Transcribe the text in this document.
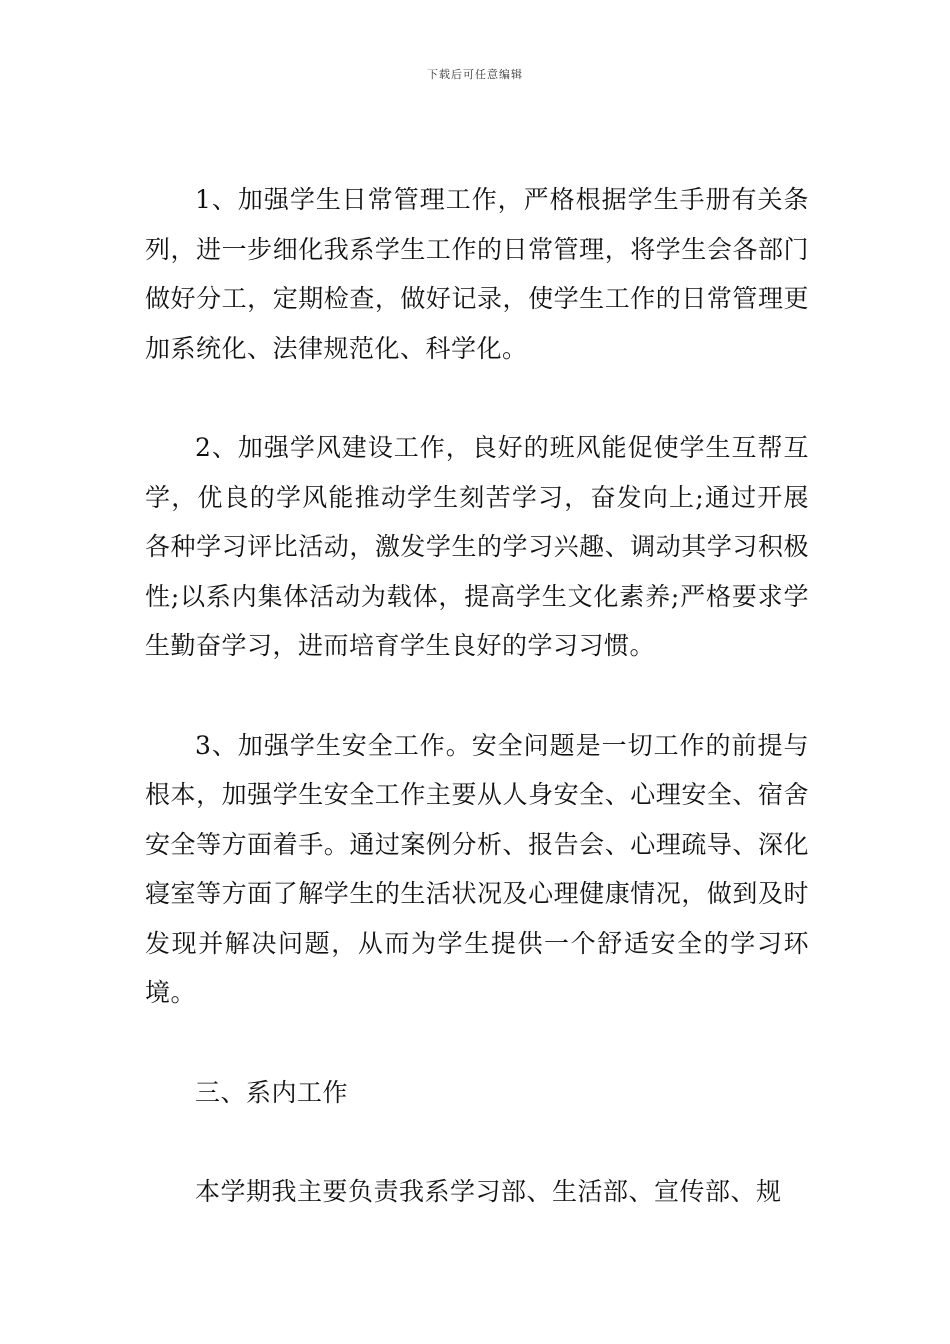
下载后可任意编辑

1、加强学生日常管理工作，严格根据学生手册有关条列，进一步细化我系学生工作的日常管理，将学生会各部门做好分工，定期检查，做好记录，使学生工作的日常管理更加系统化、法律规范化、科学化。

2、加强学风建设工作，良好的班风能促使学生互帮互学，优良的学风能推动学生刻苦学习，奋发向上;通过开展各种学习评比活动，激发学生的学习兴趣、调动其学习积极性;以系内集体活动为载体，提高学生文化素养;严格要求学生勤奋学习，进而培育学生良好的学习习惯。

3、加强学生安全工作。安全问题是一切工作的前提与根本，加强学生安全工作主要从人身安全、心理安全、宿舍安全等方面着手。通过案例分析、报告会、心理疏导、深化寝室等方面了解学生的生活状况及心理健康情况，做到及时发现并解决问题，从而为学生提供一个舒适安全的学习环境。

三、系内工作

本学期我主要负责我系学习部、生活部、宣传部、规
